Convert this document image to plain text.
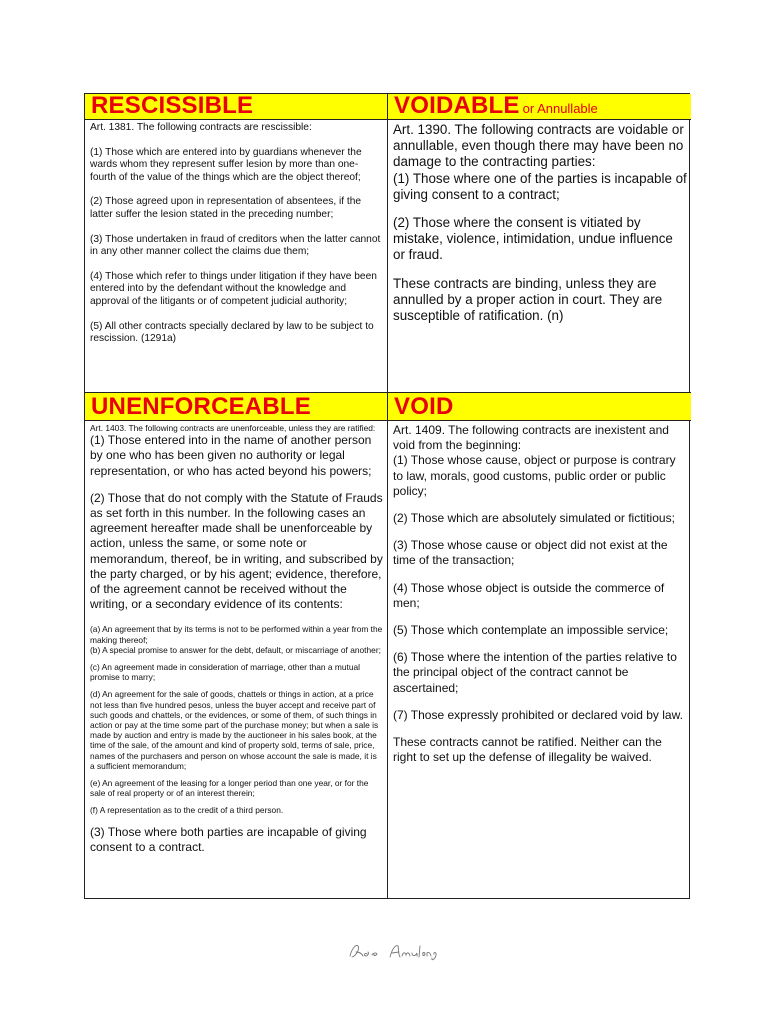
RESCISSIBLE	VOIDABLE or Annullable

Art. 1381. The following contracts are rescissible:

(1) Those which are entered into by guardians whenever the wards whom they represent suffer lesion by more than one-fourth of the value of the things which are the object thereof;

(2) Those agreed upon in representation of absentees, if the latter suffer the lesion stated in the preceding number;

(3) Those undertaken in fraud of creditors when the latter cannot in any other manner collect the claims due them;

(4) Those which refer to things under litigation if they have been entered into by the defendant without the knowledge and approval of the litigants or of competent judicial authority;

(5) All other contracts specially declared by law to be subject to rescission. (1291a)

Art. 1390. The following contracts are voidable or annullable, even though there may have been no damage to the contracting parties:

(1) Those where one of the parties is incapable of giving consent to a contract;

(2) Those where the consent is vitiated by mistake, violence, intimidation, undue influence or fraud.

These contracts are binding, unless they are annulled by a proper action in court. They are susceptible of ratification. (n)

UNENFORCEABLE	VOID

Art. 1403. The following contracts are unenforceable, unless they are ratified:

(1) Those entered into in the name of another person by one who has been given no authority or legal representation, or who has acted beyond his powers;

(2) Those that do not comply with the Statute of Frauds as set forth in this number. In the following cases an agreement hereafter made shall be unenforceable by action, unless the same, or some note or memorandum, thereof, be in writing, and subscribed by the party charged, or by his agent; evidence, therefore, of the agreement cannot be received without the writing, or a secondary evidence of its contents:

(a) An agreement that by its terms is not to be performed within a year from the making thereof;

(b) A special promise to answer for the debt, default, or miscarriage of another;

(c) An agreement made in consideration of marriage, other than a mutual promise to marry;

(d) An agreement for the sale of goods, chattels or things in action, at a price not less than five hundred pesos, unless the buyer accept and receive part of such goods and chattels, or the evidences, or some of them, of such things in action or pay at the time some part of the purchase money; but when a sale is made by auction and entry is made by the auctioneer in his sales book, at the time of the sale, of the amount and kind of property sold, terms of sale, price, names of the purchasers and person on whose account the sale is made, it is a sufficient memorandum;

(e) An agreement of the leasing for a longer period than one year, or for the sale of real property or of an interest therein;

(f) A representation as to the credit of a third person.

(3) Those where both parties are incapable of giving consent to a contract.

Art. 1409. The following contracts are inexistent and void from the beginning:

(1) Those whose cause, object or purpose is contrary to law, morals, good customs, public order or public policy;

(2) Those which are absolutely simulated or fictitious;

(3) Those whose cause or object did not exist at the time of the transaction;

(4) Those whose object is outside the commerce of men;

(5) Those which contemplate an impossible service;

(6) Those where the intention of the parties relative to the principal object of the contract cannot be ascertained;

(7) Those expressly prohibited or declared void by law.

These contracts cannot be ratified. Neither can the right to set up the defense of illegality be waived.
